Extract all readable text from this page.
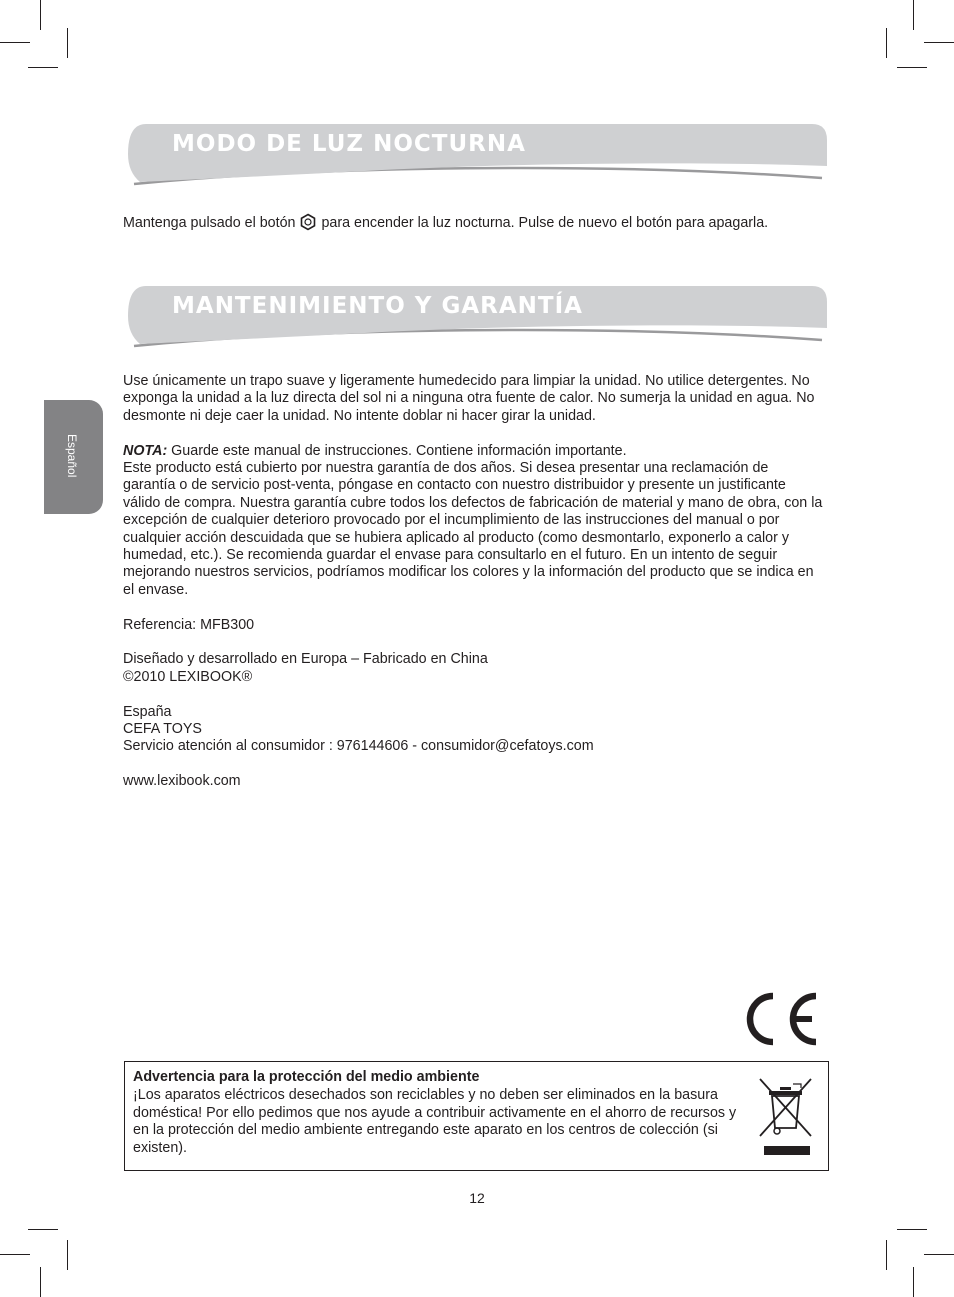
MODO DE LUZ NOCTURNA

Mantenga pulsado el botón  para encender la luz nocturna. Pulse de nuevo el botón para apagarla.

MANTENIMIENTO Y GARANTÍA

Use únicamente un trapo suave y ligeramente humedecido para limpiar la unidad. No utilice detergentes. No exponga la unidad a la luz directa del sol ni a ninguna otra fuente de calor. No sumerja la unidad en agua. No desmonte ni deje caer la unidad. No intente doblar ni hacer girar la unidad.

NOTA: Guarde este manual de instrucciones. Contiene información importante.

Este producto está cubierto por nuestra garantía de dos años. Si desea presentar una reclamación de garantía o de servicio post-venta, póngase en contacto con nuestro distribuidor y presente un justificante válido de compra. Nuestra garantía cubre todos los defectos de fabricación de material y mano de obra, con la excepción de cualquier deterioro provocado por el incumplimiento de las instrucciones del manual o por cualquier acción descuidada que se hubiera aplicado al producto (como desmontarlo, exponerlo a calor y humedad, etc.). Se recomienda guardar el envase para consultarlo en el futuro. En un intento de seguir mejorando nuestros servicios, podríamos modificar los colores y la información del producto que se indica en el envase.

Referencia: MFB300

Diseñado y desarrollado en Europa – Fabricado en China

©2010 LEXIBOOK®

España

CEFA TOYS

Servicio atención al consumidor : 976144606 - consumidor@cefatoys.com

www.lexibook.com

Español
Advertencia para la protección del medio ambiente
¡Los aparatos eléctricos desechados son reciclables y no deben ser eliminados en la basura doméstica! Por ello pedimos que nos ayude a contribuir activamente en el ahorro de recursos y en la protección del medio ambiente entregando este aparato en los centros de colección (si existen).
12
